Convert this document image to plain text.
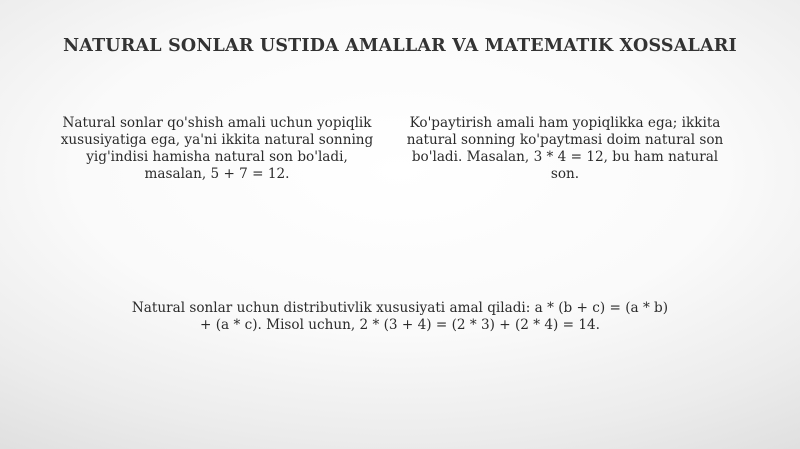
NATURAL SONLAR USTIDA AMALLAR VA MATEMATIK XOSSALARI
Natural sonlar qo'shish amali uchun yopiqlik xususiyatiga ega, ya'ni ikkita natural sonning yig'indisi hamisha natural son bo'ladi, masalan, 5 + 7 = 12.
Ko'paytirish amali ham yopiqlikka ega; ikkita natural sonning ko'paytmasi doim natural son bo'ladi. Masalan, 3 * 4 = 12, bu ham natural son.
Natural sonlar uchun distributivlik xususiyati amal qiladi: a * (b + c) = (a * b) + (a * c). Misol uchun, 2 * (3 + 4) = (2 * 3) + (2 * 4) = 14.
